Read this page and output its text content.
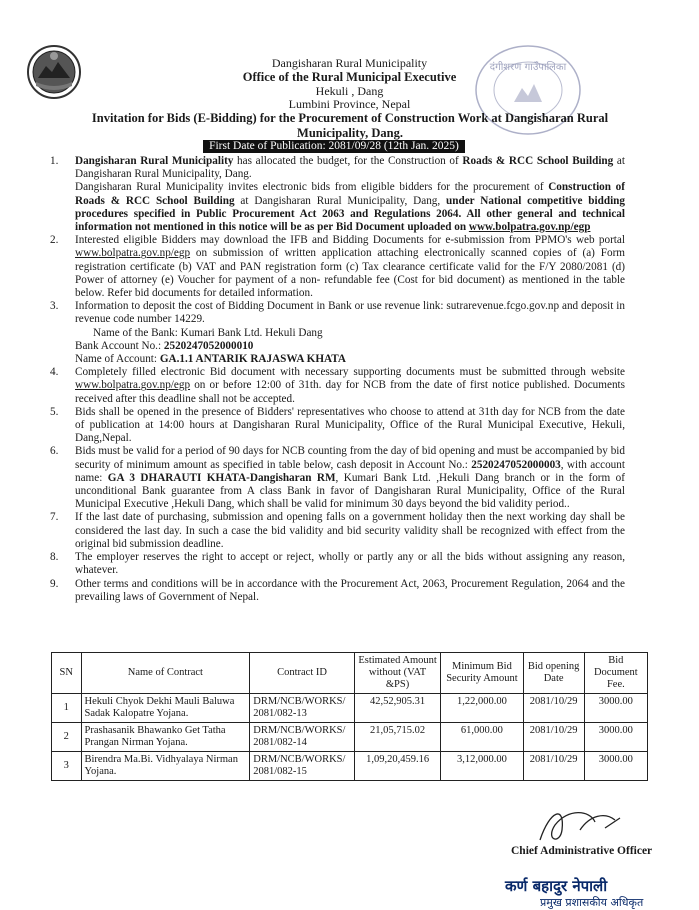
दंगीशरण गाउँपालिका
Dangisharan Rural Municipality
Office of the Rural Municipal Executive
Hekuli , Dang
Lumbini Province, Nepal
Invitation for Bids (E-Bidding) for the Procurement of Construction Work at Dangisharan Rural Municipality, Dang.
First Date of Publication: 2081/09/28 (12th Jan. 2025)
1. Dangisharan Rural Municipality has allocated the budget, for the Construction of Roads & RCC School Building at Dangisharan Rural Municipality, Dang.
Dangisharan Rural Municipality invites electronic bids from eligible bidders for the procurement of Construction of Roads & RCC School Building at Dangisharan Rural Municipality, Dang, under National competitive bidding procedures specified in Public Procurement Act 2063 and Regulations 2064. All other general and technical information not mentioned in this notice will be as per Bid Document uploaded on www.bolpatra.gov.np/egp
2. Interested eligible Bidders may download the IFB and Bidding Documents for e-submission from PPMO's web portal www.bolpatra.gov.np/egp on submission of written application attaching electronically scanned copies of (a) Form registration certificate (b) VAT and PAN registration form (c) Tax clearance certificate valid for the F/Y 2080/2081 (d) Power of attorney (e) Voucher for payment of a non- refundable fee (Cost for bid document) as mentioned in the table below. Refer bid documents for detailed information.
3. Information to deposit the cost of Bidding Document in Bank or use revenue link: sutrarevenue.fcgo.gov.np and deposit in revenue code number 14229.
Name of the Bank: Kumari Bank Ltd. Hekuli Dang
Bank Account No.: 2520247052000010
Name of Account: GA.1.1 ANTARIK RAJASWA KHATA
4. Completely filled electronic Bid document with necessary supporting documents must be submitted through website www.bolpatra.gov.np/egp on or before 12:00 of 31th. day for NCB from the date of first notice published. Documents received after this deadline shall not be accepted.
5. Bids shall be opened in the presence of Bidders' representatives who choose to attend at 31th day for NCB from the date of publication at 14:00 hours at Dangisharan Rural Municipality, Office of the Rural Municipal Executive, Hekuli, Dang,Nepal.
6. Bids must be valid for a period of 90 days for NCB counting from the day of bid opening and must be accompanied by bid security of minimum amount as specified in table below, cash deposit in Account No.: 2520247052000003, with account name: GA 3 DHARAUTI KHATA-Dangisharan RM, Kumari Bank Ltd. ,Hekuli Dang branch or in the form of unconditional Bank guarantee from A class Bank in favor of Dangisharan Rural Municipality, Office of the Rural Municipal Executive ,Hekuli Dang, which shall be valid for minimum 30 days beyond the bid validity period..
7. If the last date of purchasing, submission and opening falls on a government holiday then the next working day shall be considered the last day. In such a case the bid validity and bid security validity shall be recognized with effect from the original bid submission deadline.
8. The employer reserves the right to accept or reject, wholly or partly any or all the bids without assigning any reason, whatever.
9. Other terms and conditions will be in accordance with the Procurement Act, 2063, Procurement Regulation, 2064 and the prevailing laws of Government of Nepal.
SN	Name of Contract	Contract ID	Estimated Amount without (VAT &PS)	Minimum Bid Security Amount	Bid opening Date	Bid Document Fee.
1	Hekuli Chyok Dekhi Mauli Baluwa Sadak Kalopatre Yojana.	DRM/NCB/WORKS/ 2081/082-13	42,52,905.31	1,22,000.00	2081/10/29	3000.00
2	Prashasanik Bhawanko Get Tatha Prangan Nirman Yojana.	DRM/NCB/WORKS/ 2081/082-14	21,05,715.02	61,000.00	2081/10/29	3000.00
3	Birendra Ma.Bi. Vidhyalaya Nirman Yojana.	DRM/NCB/WORKS/ 2081/082-15	1,09,20,459.16	3,12,000.00	2081/10/29	3000.00
Chief Administrative Officer
कर्ण बहादुर नेपाली
प्रमुख प्रशासकीय अधिकृत
